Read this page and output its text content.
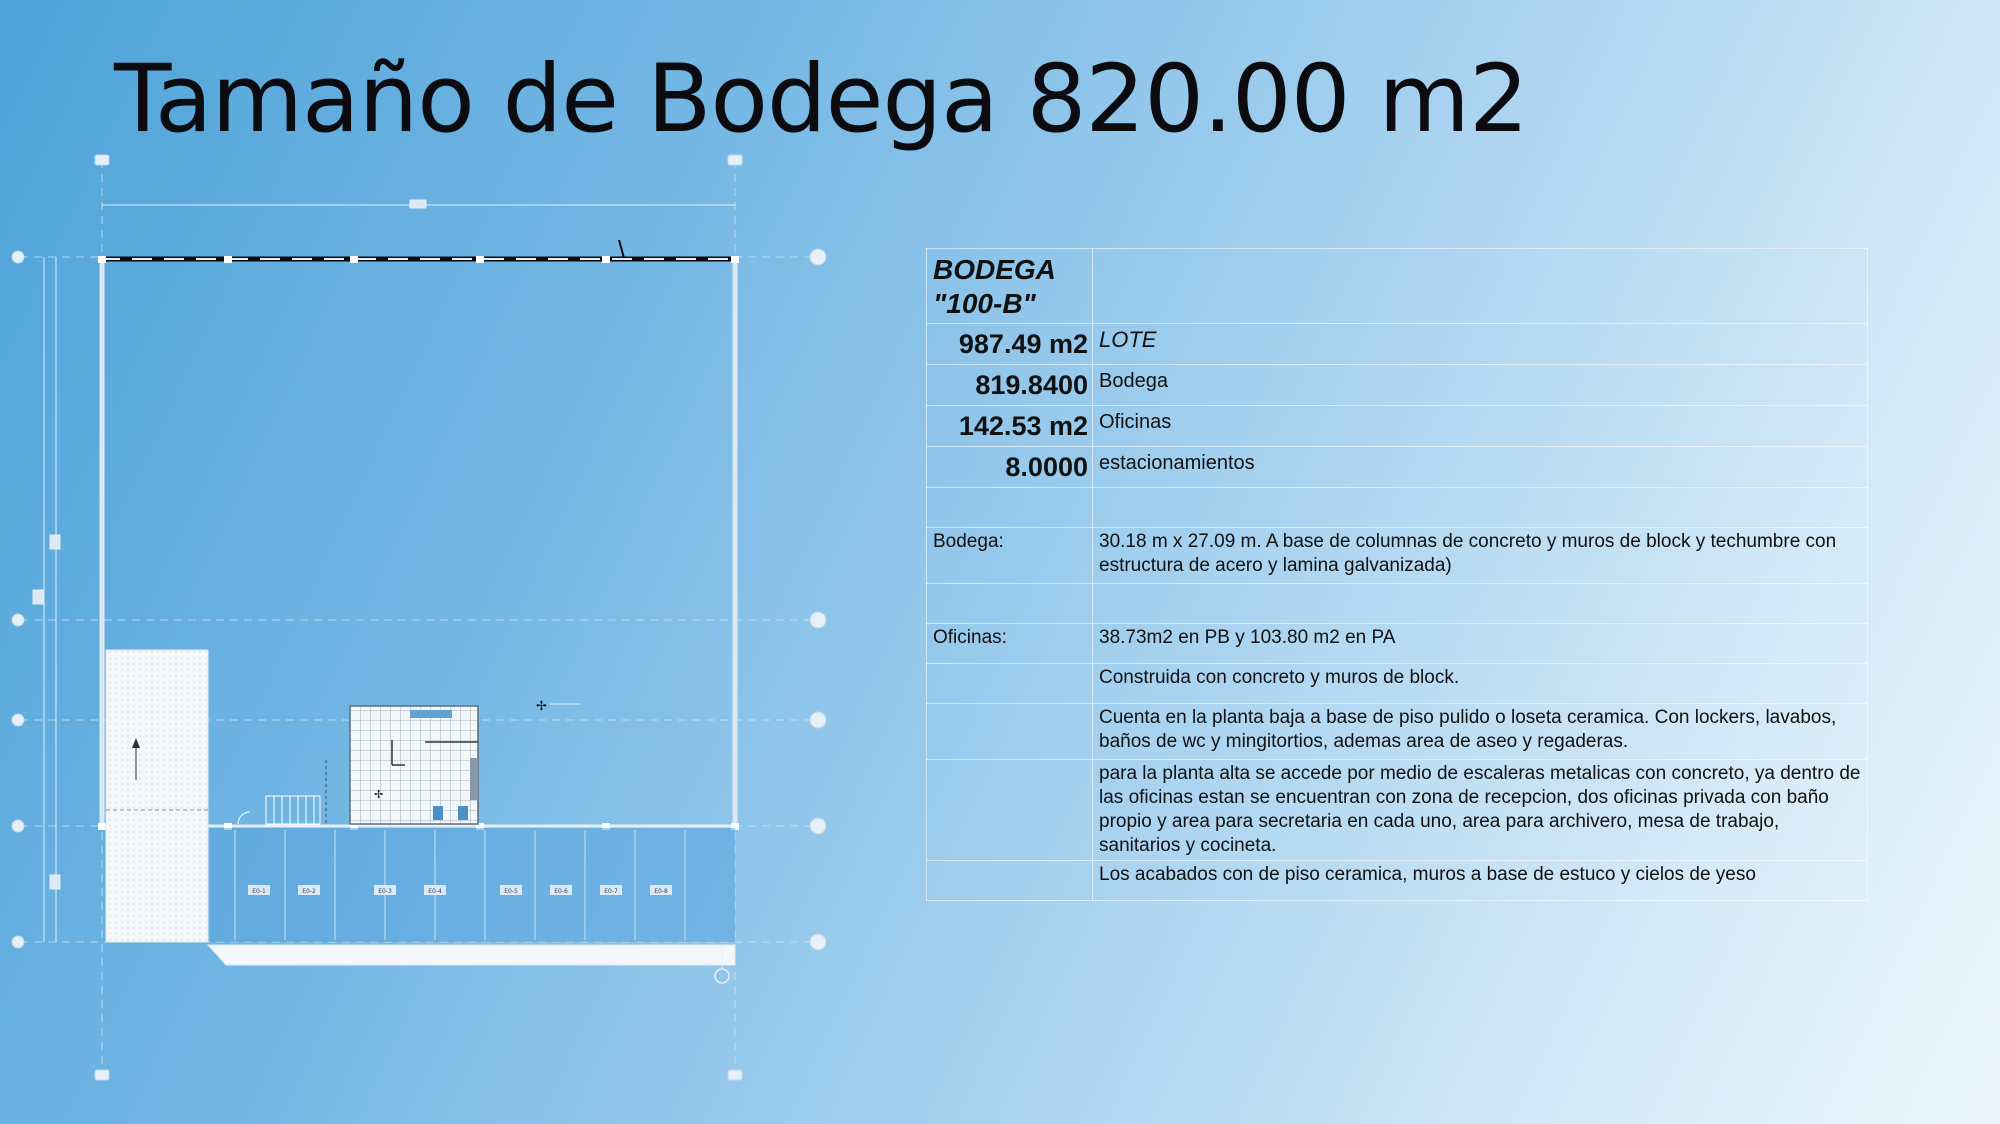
Tamaño de Bodega 820.00 m2
✢
✢
E0-1	E0-2	E0-3	E0-4	E0-5	E0-6	E0-7	E0-8
BODEGA
"100-B"	

987.49 m2	LOTE
819.8400	Bodega
142.53 m2	Oficinas
8.0000	estacionamientos

Bodega:	30.18 m x 27.09 m. A base de columnas de concreto y muros de block y techumbre con estructura de acero y lamina galvanizada)

Oficinas:	38.73m2 en PB y 103.80 m2 en PA
	Construida con concreto y muros de block.
	Cuenta en la planta baja a base de piso pulido o loseta ceramica. Con lockers, lavabos, baños de wc y mingitortios, ademas area de aseo y regaderas.
	para la planta alta se accede por medio de escaleras metalicas con concreto, ya dentro de las oficinas estan se encuentran con zona de recepcion, dos oficinas privada con baño propio y area para secretaria en cada uno, area para archivero, mesa de trabajo, sanitarios y cocineta.
	Los acabados con de piso ceramica, muros a base de estuco y cielos de yeso
